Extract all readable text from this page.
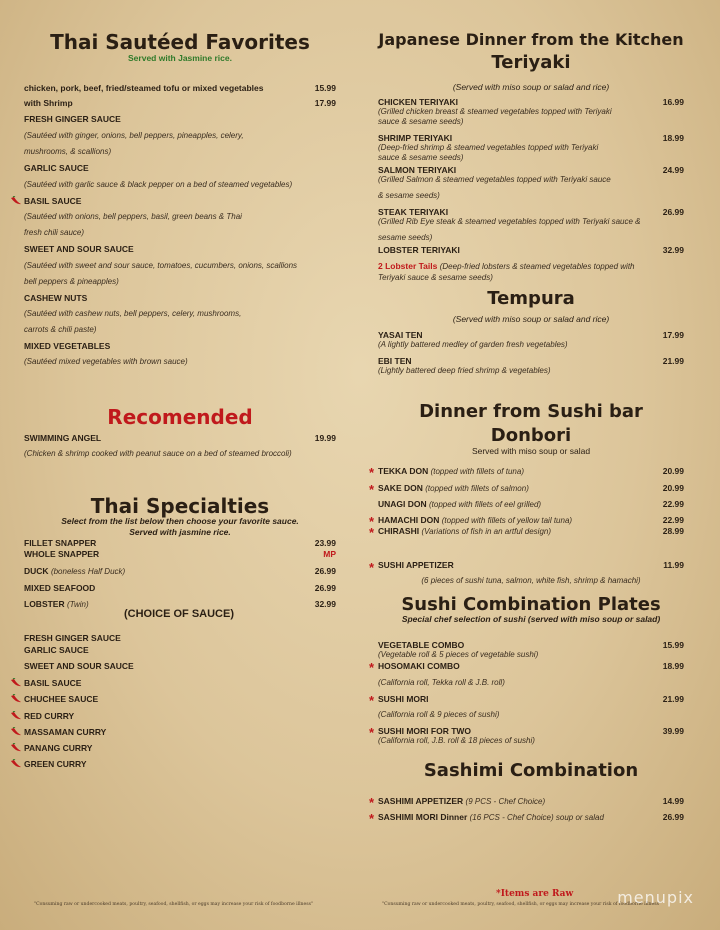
Thai Sautéed Favorites
Served with Jasmine rice.
chicken, pork, beef, fried/steamed tofu or mixed vegetables	15.99
with Shrimp	17.99
FRESH GINGER SAUCE
(Sautéed with ginger, onions, bell peppers, pineapples, celery,
mushrooms, & scallions)
GARLIC SAUCE
(Sautéed with garlic sauce & black pepper on a bed of steamed vegetables)
BASIL SAUCE
(Sautéed with onions, bell peppers, basil, green beans & Thai
fresh chili sauce)
SWEET AND SOUR SAUCE
(Sautéed with sweet and sour sauce, tomatoes, cucumbers, onions, scallions
bell peppers & pineapples)
CASHEW NUTS
(Sautéed with cashew nuts, bell peppers, celery, mushrooms,
carrots & chili paste)
MIXED VEGETABLES
(Sautéed mixed vegetables with brown sauce)
Recomended
SWIMMING ANGEL	19.99
(Chicken & shrimp cooked with peanut sauce on a bed of steamed broccoli)
Thai Specialties
Select from the list below then choose your favorite sauce.
Served with jasmine rice.
FILLET SNAPPER	23.99
WHOLE SNAPPER	MP
DUCK (boneless Half Duck)	26.99
MIXED SEAFOOD	26.99
LOBSTER (Twin)	32.99
(CHOICE OF SAUCE)
FRESH GINGER SAUCE
GARLIC SAUCE
SWEET AND SOUR SAUCE
BASIL SAUCE
CHUCHEE SAUCE
RED CURRY
MASSAMAN CURRY
PANANG CURRY
GREEN CURRY
Japanese Dinner from the Kitchen
Teriyaki
(Served with miso soup or salad and rice)
CHICKEN TERIYAKI	16.99
(Grilled chicken breast & steamed vegetables topped with Teriyaki
sauce & sesame seeds)
SHRIMP TERIYAKI	18.99
(Deep-fried shrimp & steamed vegetables topped with Teriyaki
sauce & sesame seeds)
SALMON TERIYAKI	24.99
(Grilled Salmon & steamed vegetables topped with Teriyaki sauce
& sesame seeds)
STEAK TERIYAKI	26.99
(Grilled Rib Eye steak & steamed vegetables topped with Teriyaki sauce &
sesame seeds)
LOBSTER TERIYAKI	32.99
2 Lobster Tails (Deep-fried lobsters & steamed vegetables topped with
Teriyaki sauce & sesame seeds)
Tempura
(Served with miso soup or salad and rice)
YASAI TEN	17.99
(A lightly battered medley of garden fresh vegetables)
EBI TEN	21.99
(Lightly battered deep fried shrimp & vegetables)
Dinner from Sushi bar
Donbori
Served with miso soup or salad
TEKKA DON (topped with fillets of tuna)	20.99
SAKE DON (topped with fillets of salmon)	20.99
UNAGI DON (topped with fillets of eel grilled)	22.99
HAMACHI DON (topped with fillets of yellow tail tuna)	22.99
CHIRASHI (Variations of fish in an artful design)	28.99
SUSHI APPETIZER	11.99
(6 pieces of sushi tuna, salmon, white fish, shrimp & hamachi)
Sushi Combination Plates
Special chef selection of sushi (served with miso soup or salad)
VEGETABLE COMBO	15.99
(Vegetable roll & 5 pieces of vegetable sushi)
HOSOMAKI COMBO	18.99
(California roll, Tekka roll & J.B. roll)
SUSHI MORI	21.99
(California roll & 9 pieces of sushi)
SUSHI MORI FOR TWO	39.99
(California roll, J.B. roll & 18 pieces of sushi)
Sashimi Combination
SASHIMI APPETIZER (9 PCS - Chef Choice)	14.99
SASHIMI MORI Dinner (16 PCS - Chef Choice) soup or salad	26.99
*
*
*
*
*
*
*
*
*
*
*Items are Raw
"Consuming raw or undercooked meats, poultry, seafood, shellfish, or eggs may increase your risk of foodborne illness"	"Consuming raw or undercooked meats, poultry, seafood, shellfish, or eggs may increase your risk of foodborne illness"
menupix
